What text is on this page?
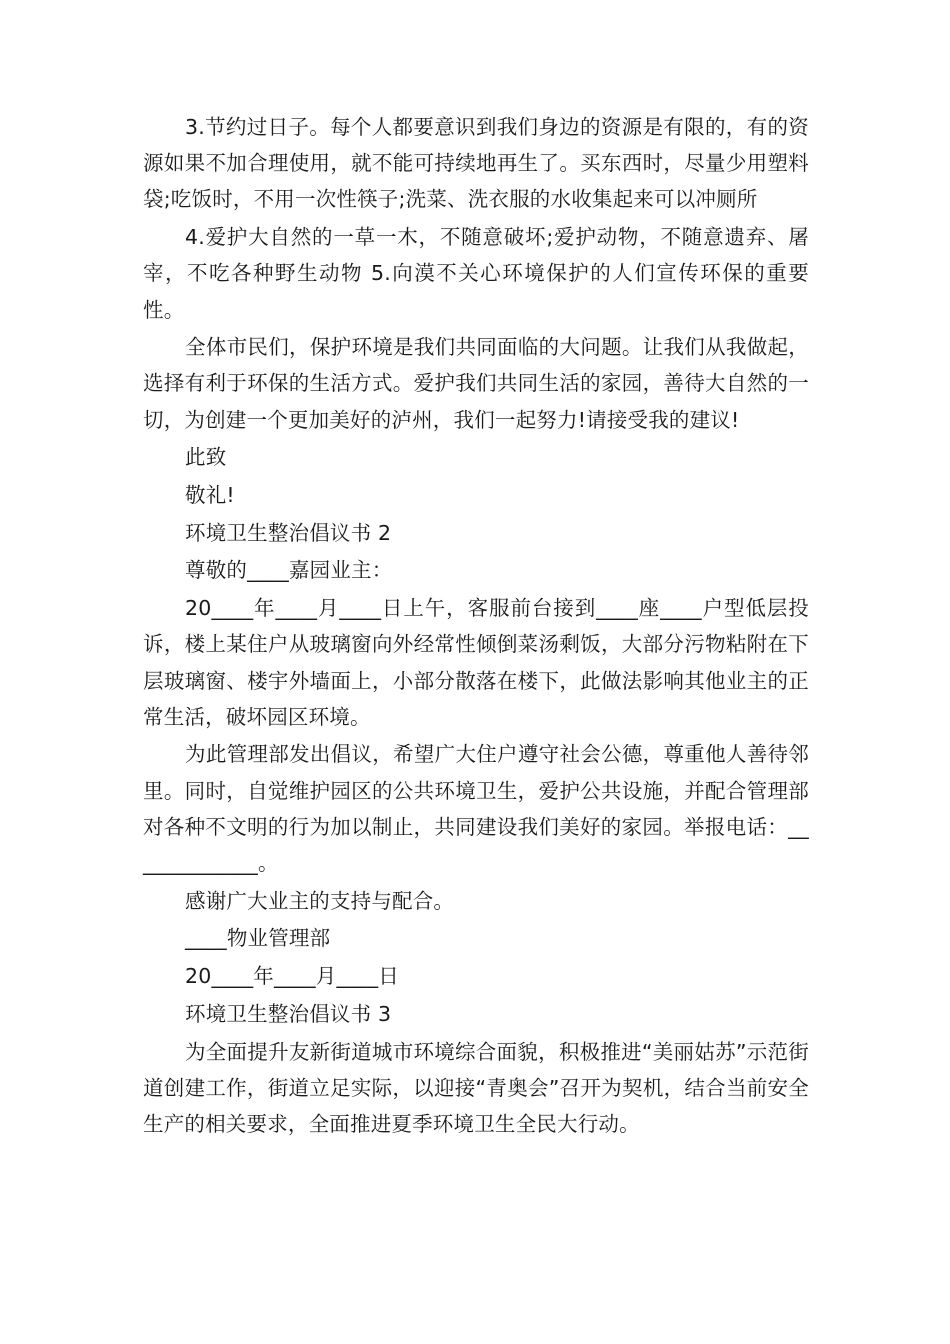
3.节约过日子。每个人都要意识到我们身边的资源是有限的，有的资源如果不加合理使用，就不能可持续地再生了。买东西时，尽量少用塑料袋;吃饭时，不用一次性筷子;洗菜、洗衣服的水收集起来可以冲厕所

4.爱护大自然的一草一木，不随意破坏;爱护动物，不随意遗弃、屠宰，不吃各种野生动物 5.向漠不关心环境保护的人们宣传环保的重要性。

全体市民们，保护环境是我们共同面临的大问题。让我们从我做起，选择有利于环保的生活方式。爱护我们共同生活的家园，善待大自然的一切，为创建一个更加美好的泸州，我们一起努力!请接受我的建议!

此致

敬礼!

环境卫生整治倡议书 2

尊敬的____嘉园业主：

20____年____月____日上午，客服前台接到____座____户型低层投诉，楼上某住户从玻璃窗向外经常性倾倒菜汤剩饭，大部分污物粘附在下层玻璃窗、楼宇外墙面上，小部分散落在楼下，此做法影响其他业主的正常生活，破坏园区环境。

为此管理部发出倡议，希望广大住户遵守社会公德，尊重他人善待邻里。同时，自觉维护园区的公共环境卫生，爱护公共设施，并配合管理部对各种不文明的行为加以制止，共同建设我们美好的家园。举报电话：_____________。

感谢广大业主的支持与配合。

____物业管理部

20____年____月____日

环境卫生整治倡议书 3

为全面提升友新街道城市环境综合面貌，积极推进“美丽姑苏”示范街道创建工作，街道立足实际，以迎接“青奥会”召开为契机，结合当前安全生产的相关要求，全面推进夏季环境卫生全民大行动。
